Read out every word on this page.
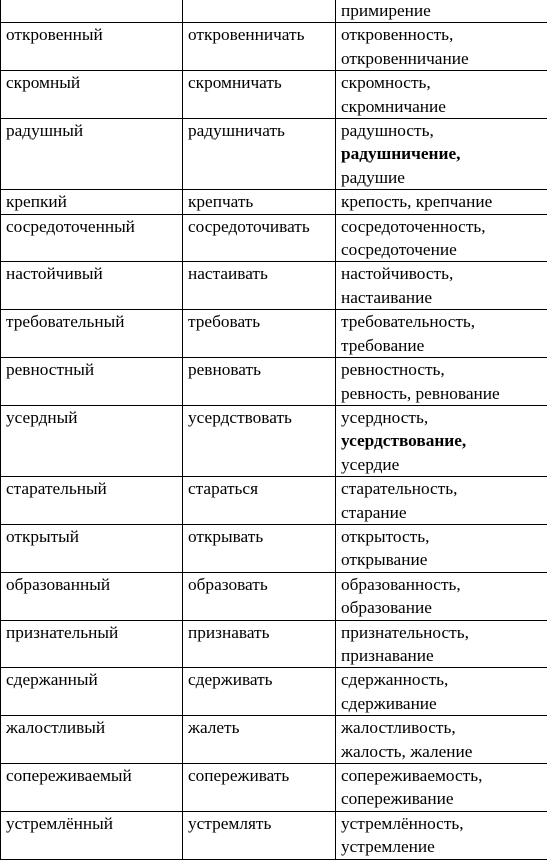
		примирение

откровенный	откровенничать	откровенность,
откровенничание

скромный	скромничать	скромность,
скромничание

радушный	радушничать	радушность,
радушничение,
радушие

крепкий	крепчать	крепость, крепчание

сосредоточенный	сосредоточивать	сосредоточенность,
сосредоточение

настойчивый	настаивать	настойчивость,
настаивание

требовательный	требовать	требовательность,
требование

ревностный	ревновать	ревностность,
ревность, ревнование

усердный	усердствовать	усердность,
усердствование,
усердие

старательный	стараться	старательность,
старание

открытый	открывать	открытость,
открывание

образованный	образовать	образованность,
образование

признательный	признавать	признательность,
признавание

сдержанный	сдерживать	сдержанность,
сдерживание

жалостливый	жалеть	жалостливость,
жалость, жаление

сопереживаемый	сопереживать	сопереживаемость,
сопереживание

устремлённый	устремлять	устремлённость,
устремление
